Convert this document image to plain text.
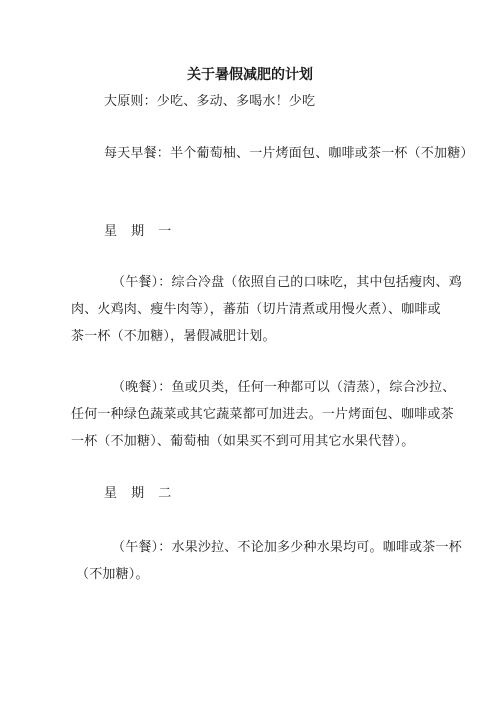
关于暑假减肥的计划
大原则：少吃、多动、多喝水！少吃
每天早餐：半个葡萄柚、一片烤面包、咖啡或茶一杯（不加糖）
星 期 一
（午餐）：综合冷盘（依照自己的口味吃，其中包括瘦肉、鸡
肉、火鸡肉、瘦牛肉等），蕃茄（切片清煮或用慢火煮）、咖啡或
茶一杯（不加糖），暑假减肥计划。
（晚餐）：鱼或贝类，任何一种都可以（清蒸），综合沙拉、
任何一种绿色蔬菜或其它蔬菜都可加进去。一片烤面包、咖啡或茶
一杯（不加糖）、葡萄柚（如果买不到可用其它水果代替）。
星 期 二
（午餐）：水果沙拉、不论加多少种水果均可。咖啡或茶一杯
（不加糖）。
